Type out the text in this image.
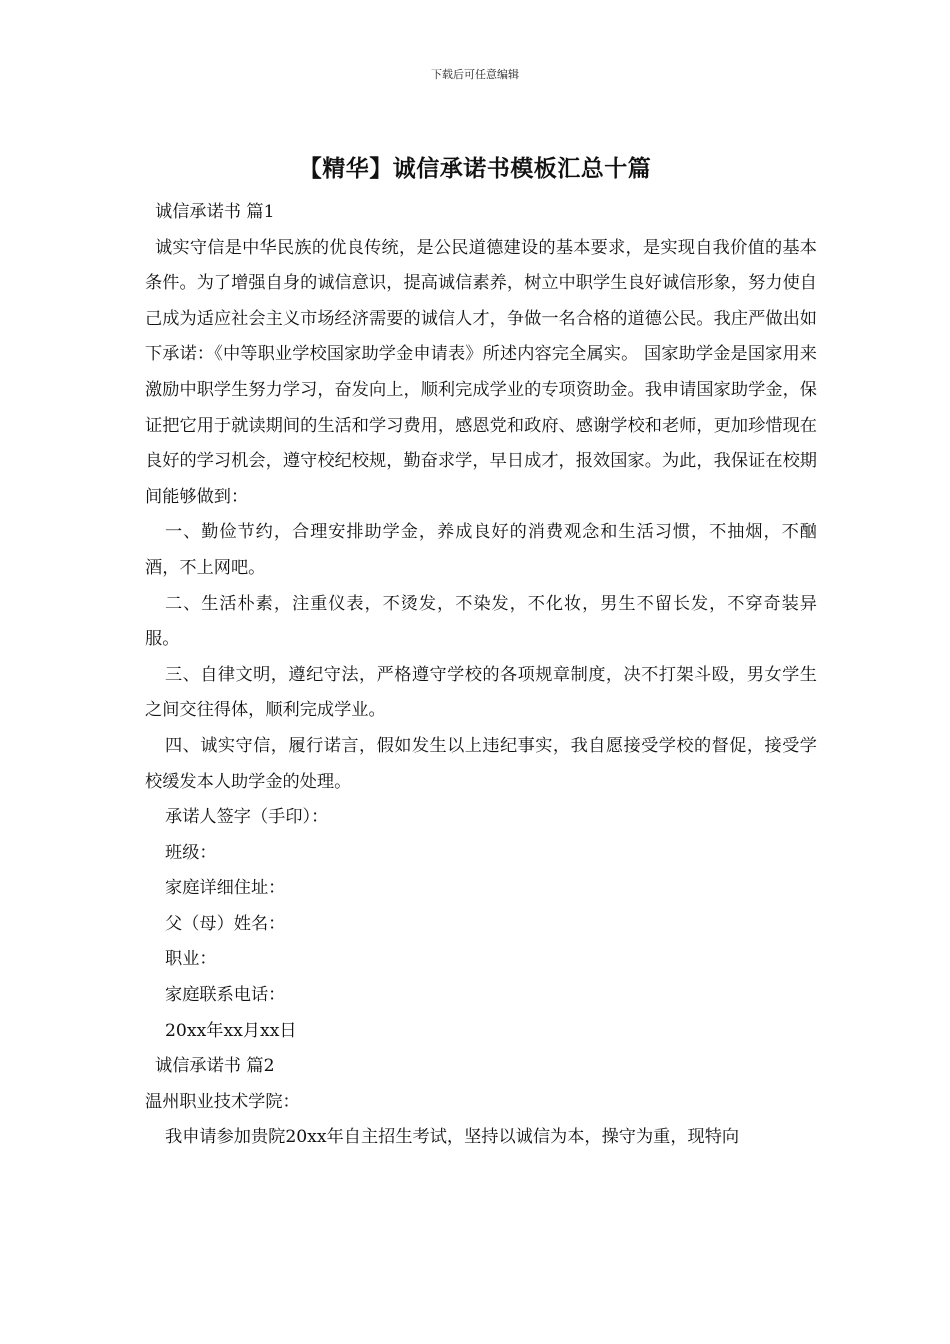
下载后可任意编辑
【精华】诚信承诺书模板汇总十篇

诚信承诺书 篇1

诚实守信是中华民族的优良传统，是公民道德建设的基本要求，是实现自我价值的基本条件。为了增强自身的诚信意识，提高诚信素养，树立中职学生良好诚信形象，努力使自己成为适应社会主义市场经济需要的诚信人才，争做一名合格的道德公民。我庄严做出如下承诺：《中等职业学校国家助学金申请表》所述内容完全属实。 国家助学金是国家用来激励中职学生努力学习，奋发向上，顺利完成学业的专项资助金。我申请国家助学金，保证把它用于就读期间的生活和学习费用，感恩党和政府、感谢学校和老师，更加珍惜现在良好的学习机会，遵守校纪校规，勤奋求学，早日成才，报效国家。为此，我保证在校期间能够做到：

一、勤俭节约，合理安排助学金，养成良好的消费观念和生活习惯，不抽烟，不酗酒，不上网吧。

二、生活朴素，注重仪表，不烫发，不染发，不化妆，男生不留长发，不穿奇装异服。

三、自律文明，遵纪守法，严格遵守学校的各项规章制度，决不打架斗殴，男女学生之间交往得体，顺利完成学业。

四、诚实守信，履行诺言，假如发生以上违纪事实，我自愿接受学校的督促，接受学校缓发本人助学金的处理。

承诺人签字（手印）：

班级：

家庭详细住址：

父（母）姓名：

职业：

家庭联系电话：

20xx年xx月xx日

诚信承诺书 篇2

温州职业技术学院：

我申请参加贵院20xx年自主招生考试，坚持以诚信为本，操守为重，现特向
